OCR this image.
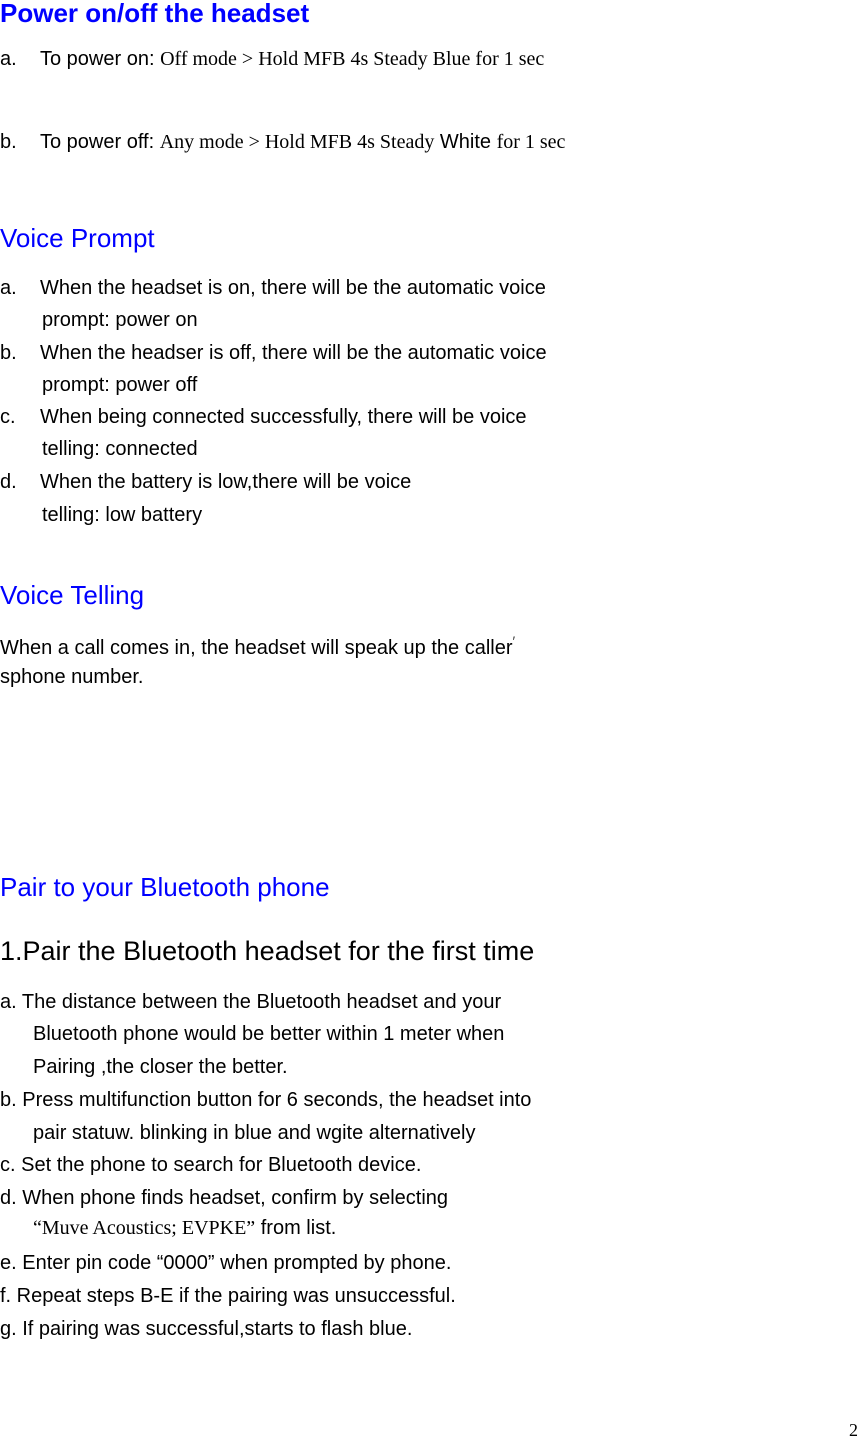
Power on/off the headset
a. To power on: Off mode > Hold MFB 4s Steady Blue for 1 sec
b. To power off: Any mode > Hold MFB 4s Steady White for 1 sec
Voice Prompt
a. When the headset is on, there will be the automatic voice
prompt: power on
b. When the headser is off, there will be the automatic voice
prompt: power off
c. When being connected successfully, there will be voice
telling: connected
d. When the battery is low,there will be voice
telling: low battery
Voice Telling
When a call comes in, the headset will speak up the caller′
sphone number.
Pair to your Bluetooth phone
1.Pair the Bluetooth headset for the first time
a. The distance between the Bluetooth headset and your
Bluetooth phone would be better within 1 meter when
Pairing ,the closer the better.
b. Press multifunction button for 6 seconds, the headset into
pair statuw. blinking in blue and wgite alternatively
c. Set the phone to search for Bluetooth device.
d. When phone finds headset, confirm by selecting
“Muve Acoustics; EVPKE” from list.
e. Enter pin code “0000” when prompted by phone.
f. Repeat steps B-E if the pairing was unsuccessful.
g. If pairing was successful,starts to flash blue.
2
